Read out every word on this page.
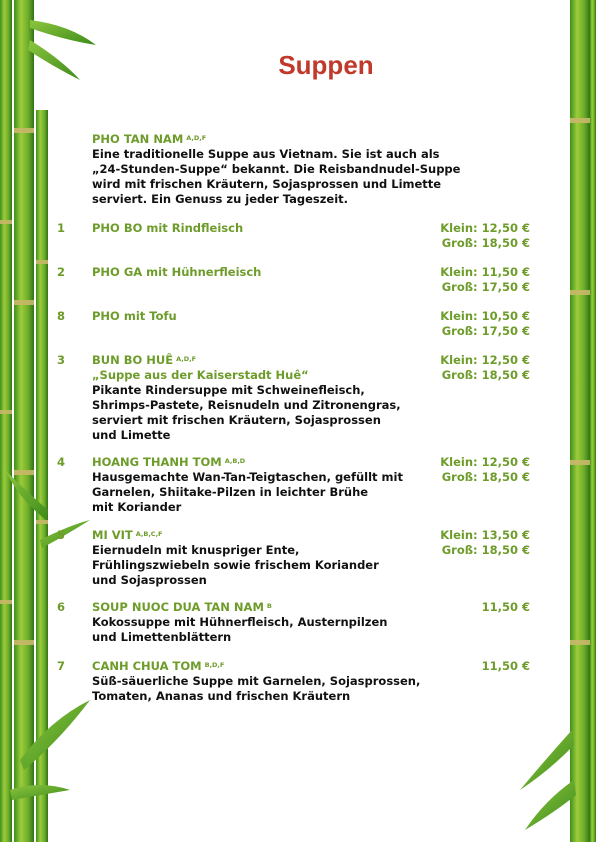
Suppen
PHO TAN NAM $^{A,D,F}$
Eine traditionelle Suppe aus Vietnam. Sie ist auch als
„24-Stunden-Suppe“ bekannt. Die Reisbandnudel-Suppe
wird mit frischen Kräutern, Sojasprossen und Limette
serviert. Ein Genuss zu jeder Tageszeit.
1 PHO BO mit Rindfleisch	Klein: 12,50 €
Groß: 18,50 €
2 PHO GA mit Hühnerfleisch	Klein: 11,50 €
Groß: 17,50 €
8 PHO mit Tofu	Klein: 10,50 €
Groß: 17,50 €
3 BUN BO HUÊ $^{A,D,F}$
„Suppe aus der Kaiserstadt Huê“
Pikante Rindersuppe mit Schweinefleisch,
Shrimps-Pastete, Reisnudeln und Zitronengras,
serviert mit frischen Kräutern, Sojasprossen
und Limette
Klein: 12,50 €
Groß: 18,50 €
4 HOANG THANH TOM $^{A,B,D}$
Hausgemachte Wan-Tan-Teigtaschen, gefüllt mit
Garnelen, Shiitake-Pilzen in leichter Brühe
mit Koriander
Klein: 12,50 €
Groß: 18,50 €
5 MI VIT $^{A,B,C,F}$
Eiernudeln mit knuspriger Ente,
Frühlingszwiebeln sowie frischem Koriander
und Sojasprossen
Klein: 13,50 €
Groß: 18,50 €
6 SOUP NUOC DUA TAN NAM $^B$
Kokossuppe mit Hühnerfleisch, Austernpilzen
und Limettenblättern
11,50 €
7 CANH CHUA TOM $^{B,D,F}$
Süß-säuerliche Suppe mit Garnelen, Sojasprossen,
Tomaten, Ananas und frischen Kräutern
11,50 €
